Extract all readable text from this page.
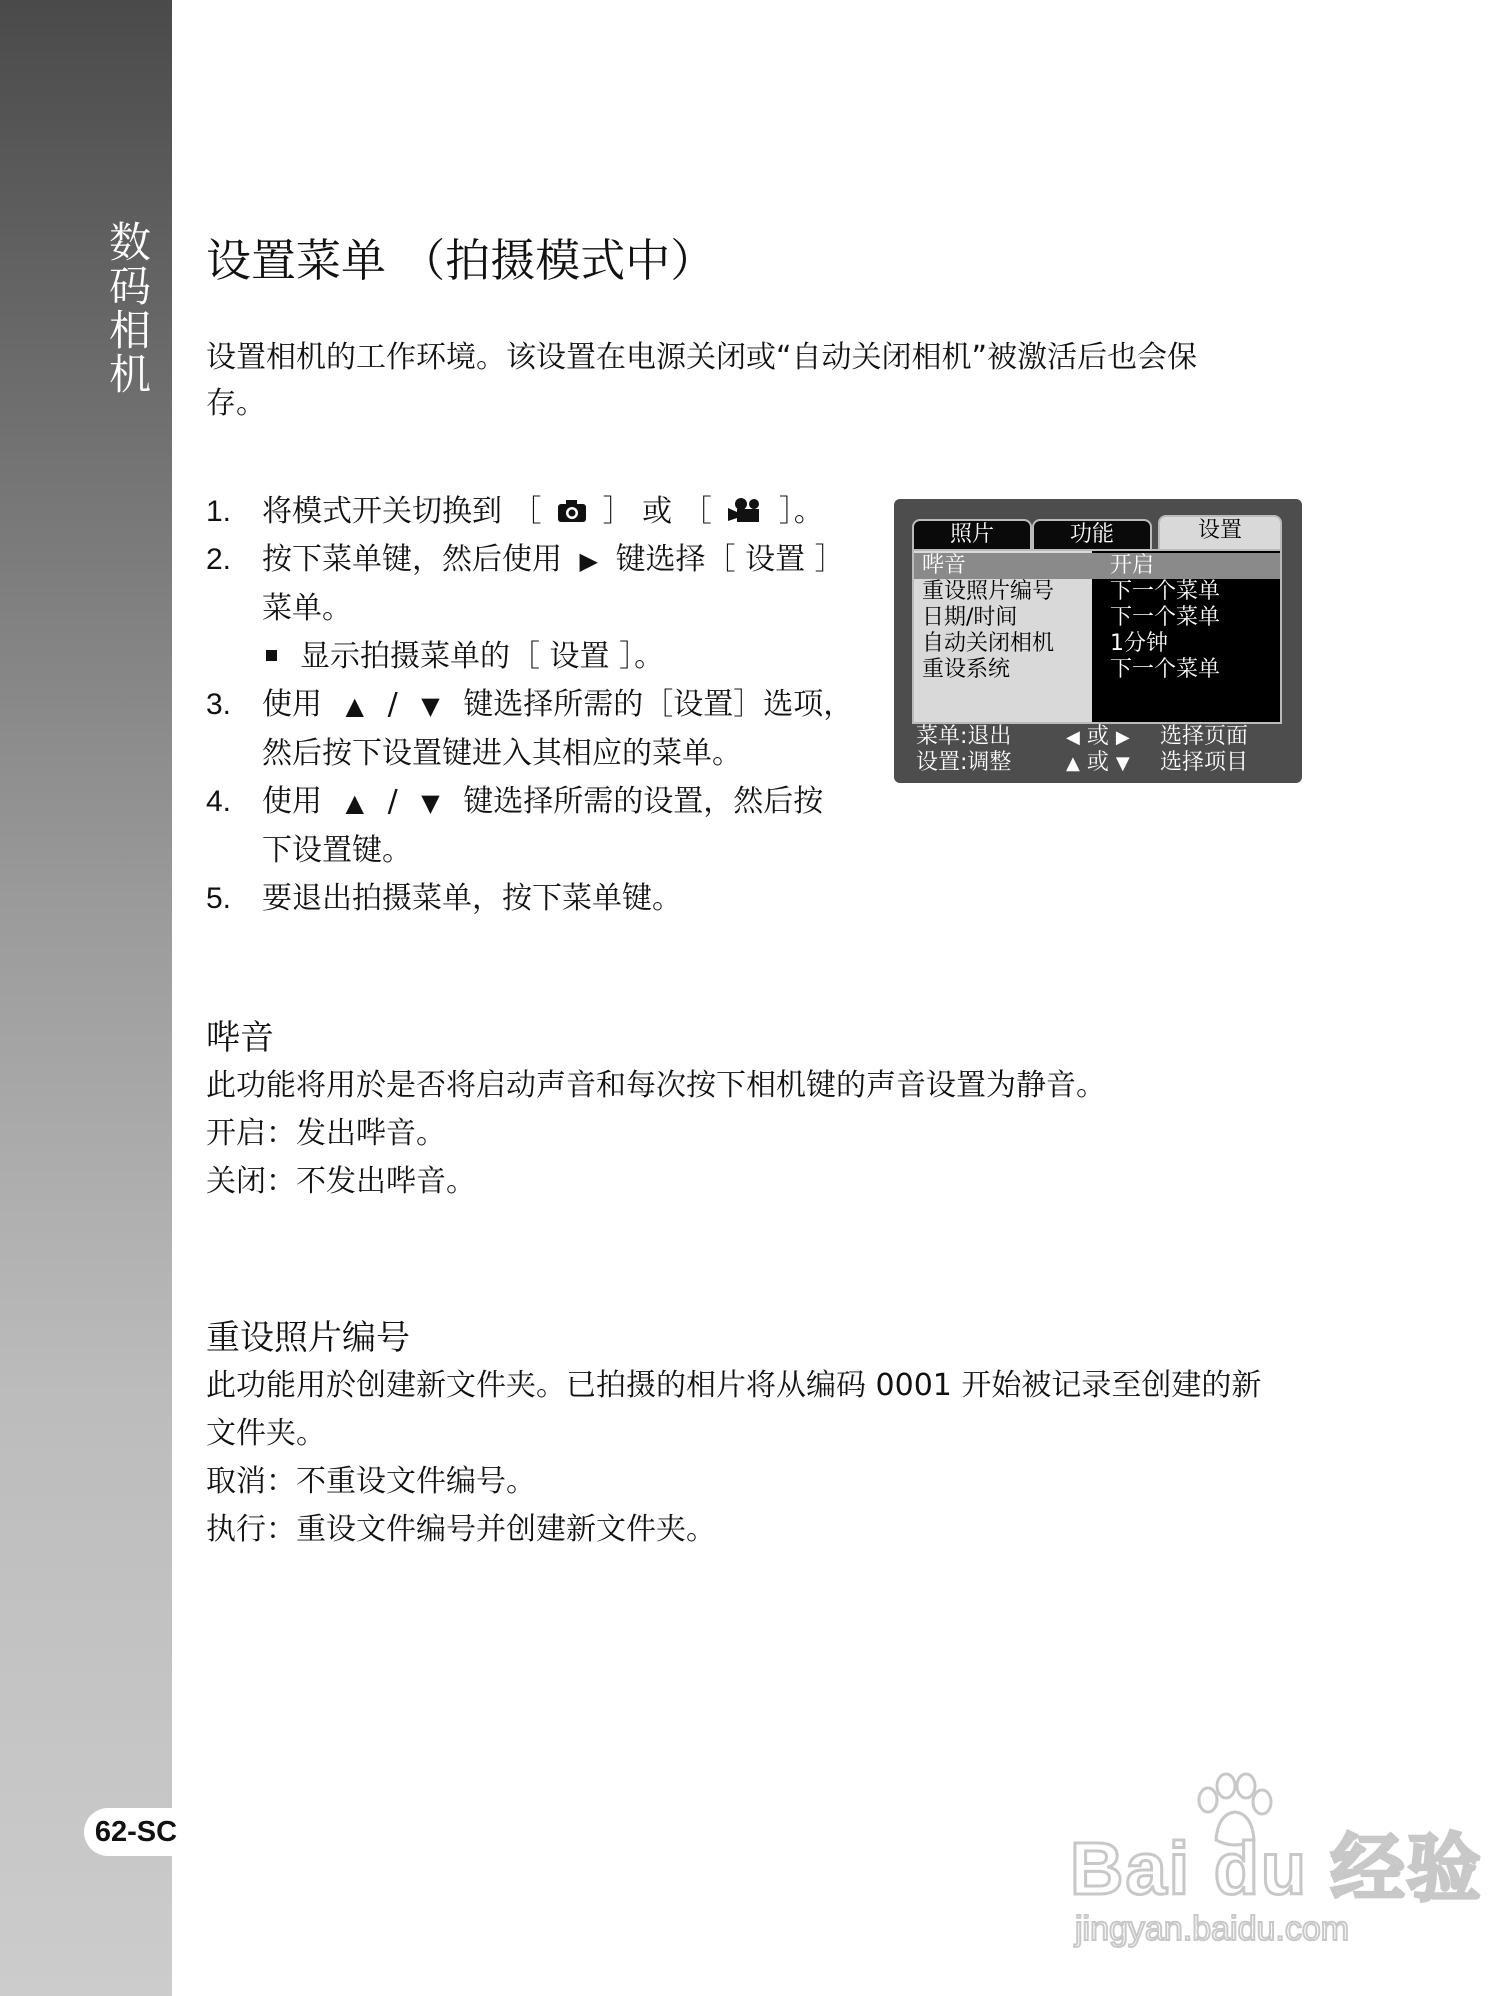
数码相机
62-SC
设置菜单 （拍摄模式中）
设置相机的工作环境。该设置在电源关闭或“自动关闭相机”被激活后也会保
存。
1. 将模式开关切换到 ［ ］ 或 ［ ］。
2. 按下菜单键，然后使用 ▶ 键选择［ 设置 ］
菜单。
显示拍摄菜单的［ 设置 ］。
3. 使用 ▲ / ▼ 键选择所需的［设置］选项，
然后按下设置键进入其相应的菜单。
4. 使用 ▲ / ▼ 键选择所需的设置，然后按
下设置键。
5. 要退出拍摄菜单，按下菜单键。
哔音
此功能将用於是否将启动声音和每次按下相机键的声音设置为静音。
开启：发出哔音。
关闭：不发出哔音。
重设照片编号
此功能用於创建新文件夹。已拍摄的相片将从编码 0001 开始被记录至创建的新
文件夹。
取消：不重设文件编号。
执行：重设文件编号并创建新文件夹。
照片	功能	设置
哔音	开启
重设照片编号	下一个菜单
日期/时间	下一个菜单
自动关闭相机	1分钟
重设系统	下一个菜单
菜单:退出	◀ 或 ▶ 选择页面
设置:调整	▲ 或 ▼ 选择项目
Bai du 经验
jingyan.baidu.com
